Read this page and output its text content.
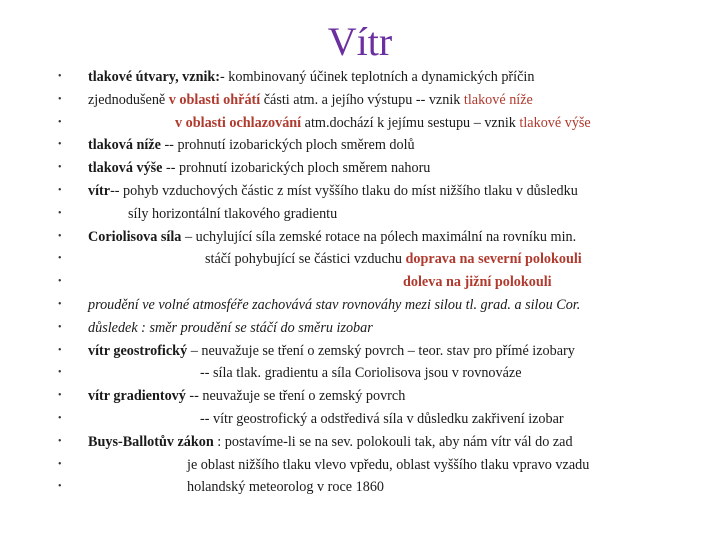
Vítr
•	tlakové útvary, vznik:- kombinovaný účinek teplotních a dynamických příčin
•	zjednodušeně v oblasti ohřátí části atm. a jejího výstupu -- vznik tlakové níže
•	v oblasti ochlazování atm.dochází k jejímu sestupu – vznik tlakové výše
•	tlaková níže -- prohnutí izobarických ploch směrem dolů
•	tlaková výše -- prohnutí izobarických ploch směrem nahoru
•	vítr-- pohyb vzduchových částic z míst vyššího tlaku do míst nižšího tlaku v důsledku
•	síly horizontální tlakového gradientu
•	Coriolisova síla – uchylující síla zemské rotace na pólech maximální na rovníku min.
•	stáčí pohybující se částici vzduchu doprava na severní polokouli
•	doleva na jižní polokouli
•	proudění ve volné atmosféře zachovává stav rovnováhy mezi silou tl. grad. a silou Cor.
•	důsledek : směr proudění se stáčí do směru izobar
•	vítr geostrofický – neuvažuje se tření o zemský povrch – teor. stav pro přímé izobary
•	-- síla tlak. gradientu a síla Coriolisova jsou v rovnováze
•	vítr gradientový -- neuvažuje se tření o zemský povrch
•	-- vítr geostrofický a odstředivá síla v důsledku zakřivení izobar
•	Buys-Ballotův zákon : postavíme-li se na sev. polokouli tak, aby nám vítr vál do zad
•	je oblast nižšího tlaku vlevo vpředu, oblast vyššího tlaku vpravo vzadu
•	holandský meteorolog v roce 1860
